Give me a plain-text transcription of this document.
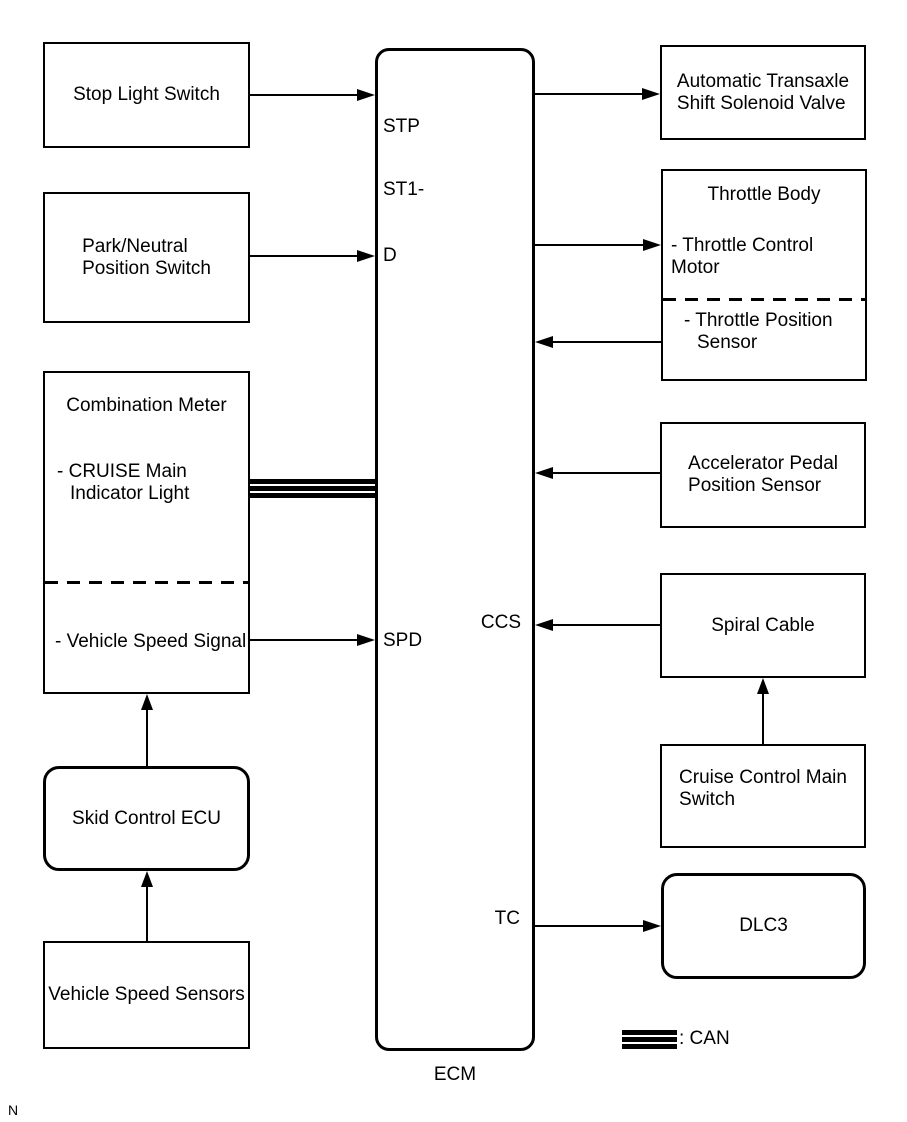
Stop Light Switch
Park/Neutral
Position Switch
Combination Meter
- CRUISE Main
Indicator Light
- Vehicle Speed Signal
Skid Control ECU
Vehicle Speed Sensors

STP

ST1-

D
SPD
CCS
TC
ECM
Automatic Transaxle
Shift Solenoid Valve
Throttle Body
- Throttle Control Motor
- Throttle Position
Sensor
Accelerator Pedal
Position Sensor
Spiral Cable
Cruise Control Main
Switch
DLC3
: CAN
N
